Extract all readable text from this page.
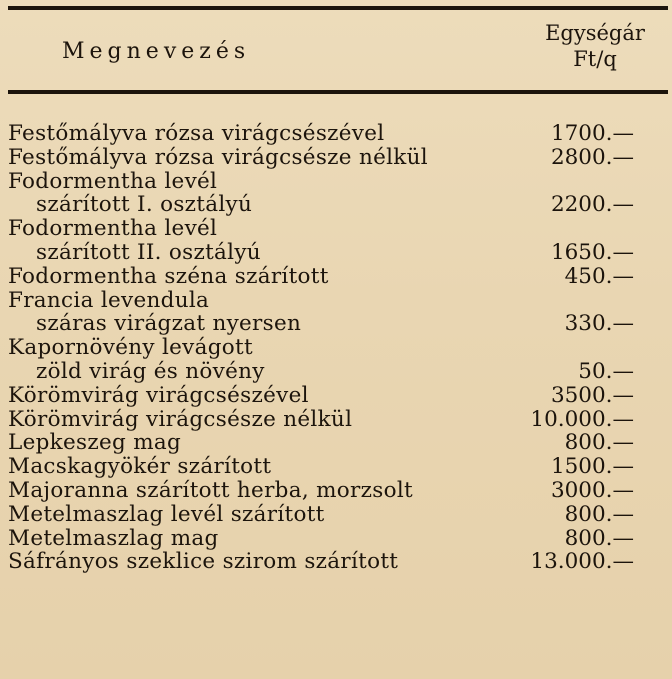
Megnevezés
Egységár
Ft/q
Festőmályva rózsa virágcsészével	1700.—
Festőmályva rózsa virágcsésze nélkül	2800.—
Fodormentha levél
szárított I. osztályú	2200.—
Fodormentha levél
szárított II. osztályú	1650.—
Fodormentha széna szárított	450.—
Francia levendula
száras virágzat nyersen	330.—
Kapornövény levágott
zöld virág és növény	50.—
Körömvirág virágcsészével	3500.—
Körömvirág virágcsésze nélkül	10.000.—
Lepkeszeg mag	800.—
Macskagyökér szárított	1500.—
Majoranna szárított herba, morzsolt	3000.—
Metelmaszlag levél szárított	800.—
Metelmaszlag mag	800.—
Sáfrányos szeklice szirom szárított	13.000.—
